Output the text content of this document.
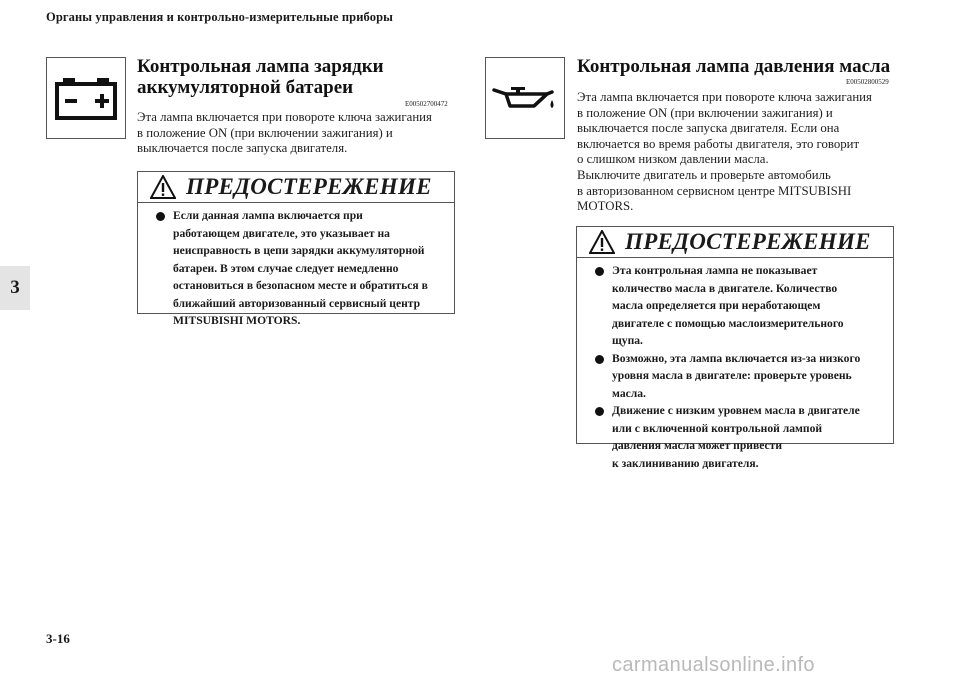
Органы управления и контрольно-измерительные приборы
3
Контрольная лампа зарядки
аккумуляторной батареи
E00502700472
Эта лампа включается при повороте ключа зажигания
в положение ON (при включении зажигания) и
выключается после запуска двигателя.
ПРЕДОСТЕРЕЖЕНИЕ
Если данная лампа включается при
работающем двигателе, это указывает на
неисправность в цепи зарядки аккумуляторной
батареи. В этом случае следует немедленно
остановиться в безопасном месте и обратиться в
ближайший авторизованный сервисный центр
MITSUBISHI MOTORS.
Контрольная лампа давления масла
E00502800529
Эта лампа включается при повороте ключа зажигания
в положение ON (при включении зажигания) и
выключается после запуска двигателя. Если она
включается во время работы двигателя, это говорит
о слишком низком давлении масла.
Выключите двигатель и проверьте автомобиль
в авторизованном сервисном центре MITSUBISHI
MOTORS.
ПРЕДОСТЕРЕЖЕНИЕ
Эта контрольная лампа не показывает
количество масла в двигателе. Количество
масла определяется при неработающем
двигателе с помощью маслоизмерительного
щупа.
Возможно, эта лампа включается из-за низкого
уровня масла в двигателе: проверьте уровень
масла.
Движение с низким уровнем масла в двигателе
или с включенной контрольной лампой
давления масла может привести
к заклиниванию двигателя.
3-16
carmanualsonline.info
